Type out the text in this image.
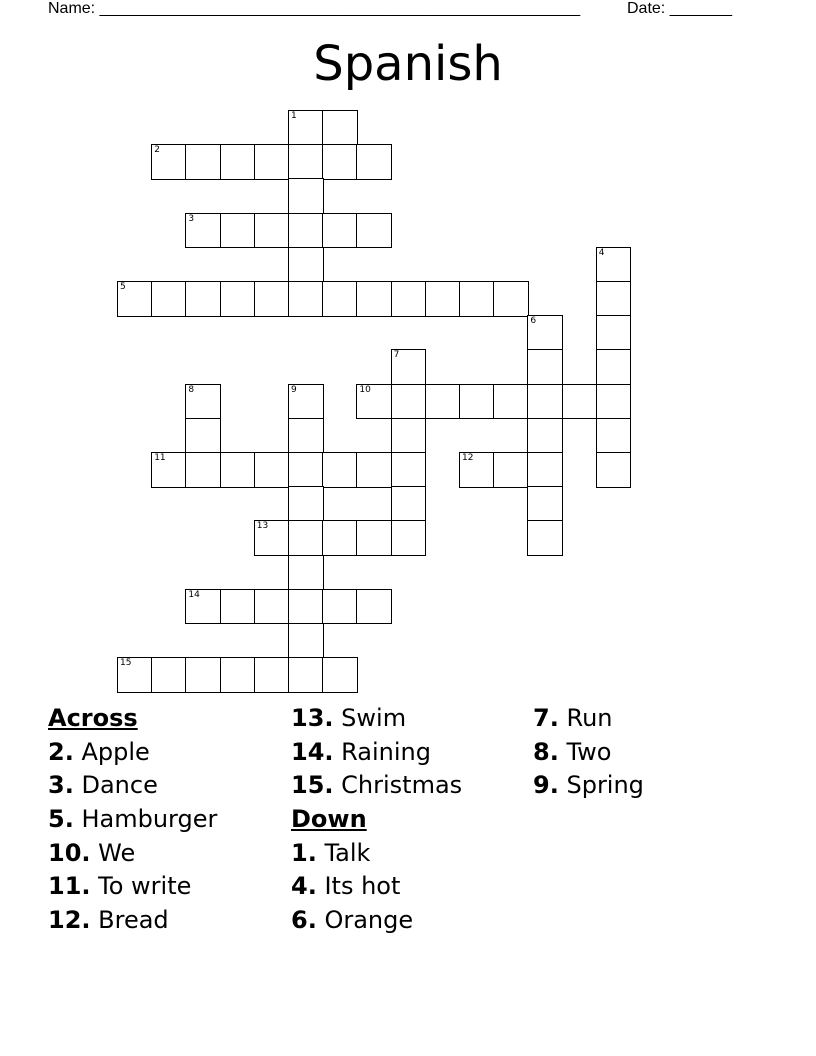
Name: ______________________________________________________	Date: _______
Spanish
1
2
3
4
5
6
7
8	9	10
11	12
13
14
15
Across
2. Apple
3. Dance
5. Hamburger
10. We
11. To write
12. Bread
13. Swim
14. Raining
15. Christmas
Down
1. Talk
4. Its hot
6. Orange
7. Run
8. Two
9. Spring
